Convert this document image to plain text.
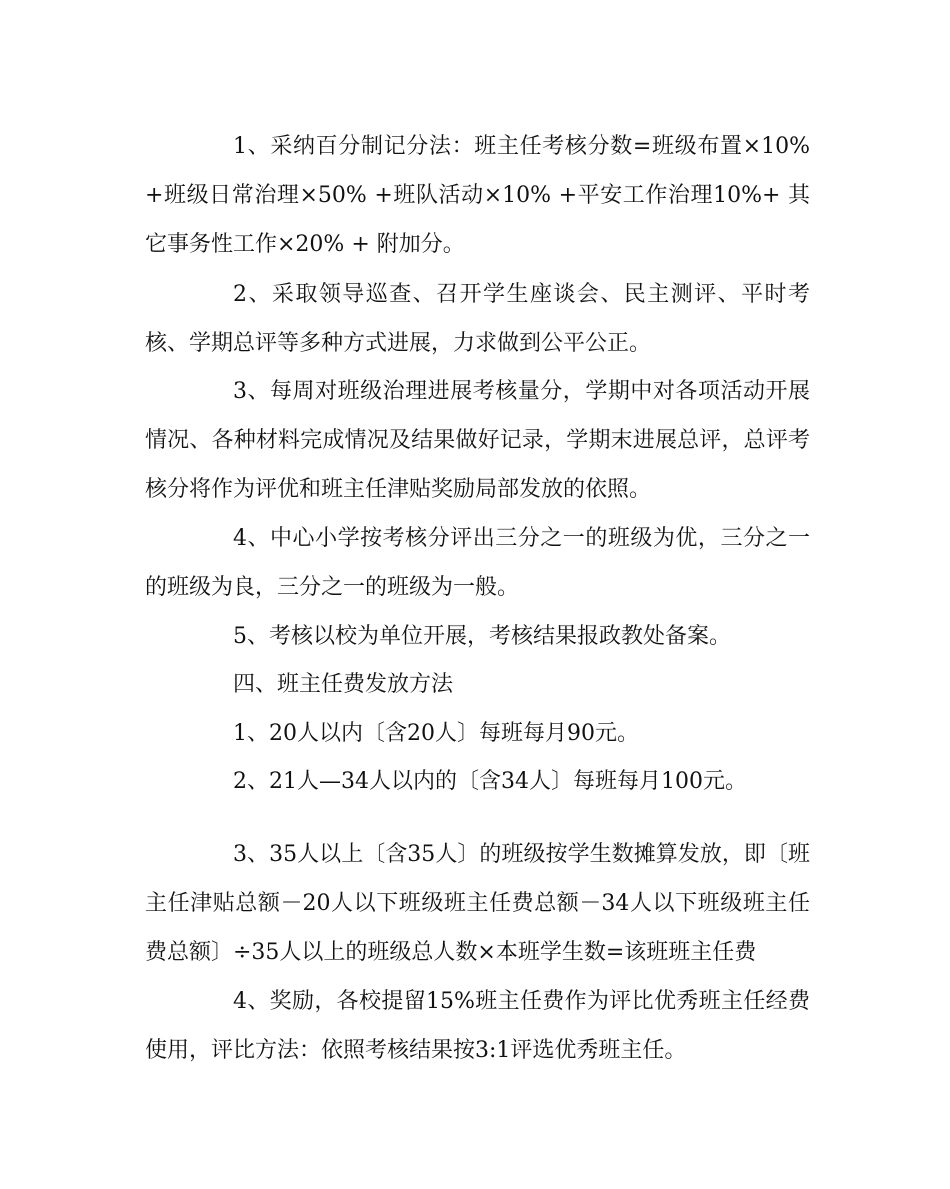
1、采纳百分制记分法：班主任考核分数=班级布置×10% +班级日常治理×50% +班队活动×10% +平安工作治理10%+ 其它事务性工作×20% + 附加分。

2、采取领导巡查、召开学生座谈会、民主测评、平时考核、学期总评等多种方式进展，力求做到公平公正。

3、每周对班级治理进展考核量分，学期中对各项活动开展情况、各种材料完成情况及结果做好记录，学期末进展总评，总评考核分将作为评优和班主任津贴奖励局部发放的依照。

4、中心小学按考核分评出三分之一的班级为优，三分之一的班级为良，三分之一的班级为一般。

5、考核以校为单位开展，考核结果报政教处备案。

四、班主任费发放方法

1、20人以内〔含20人〕每班每月90元。

2、21人—34人以内的〔含34人〕每班每月100元。

3、35人以上〔含35人〕的班级按学生数摊算发放，即〔班主任津贴总额－20人以下班级班主任费总额－34人以下班级班主任费总额〕÷35人以上的班级总人数×本班学生数=该班班主任费

4、奖励，各校提留15%班主任费作为评比优秀班主任经费使用，评比方法：依照考核结果按3:1评选优秀班主任。
